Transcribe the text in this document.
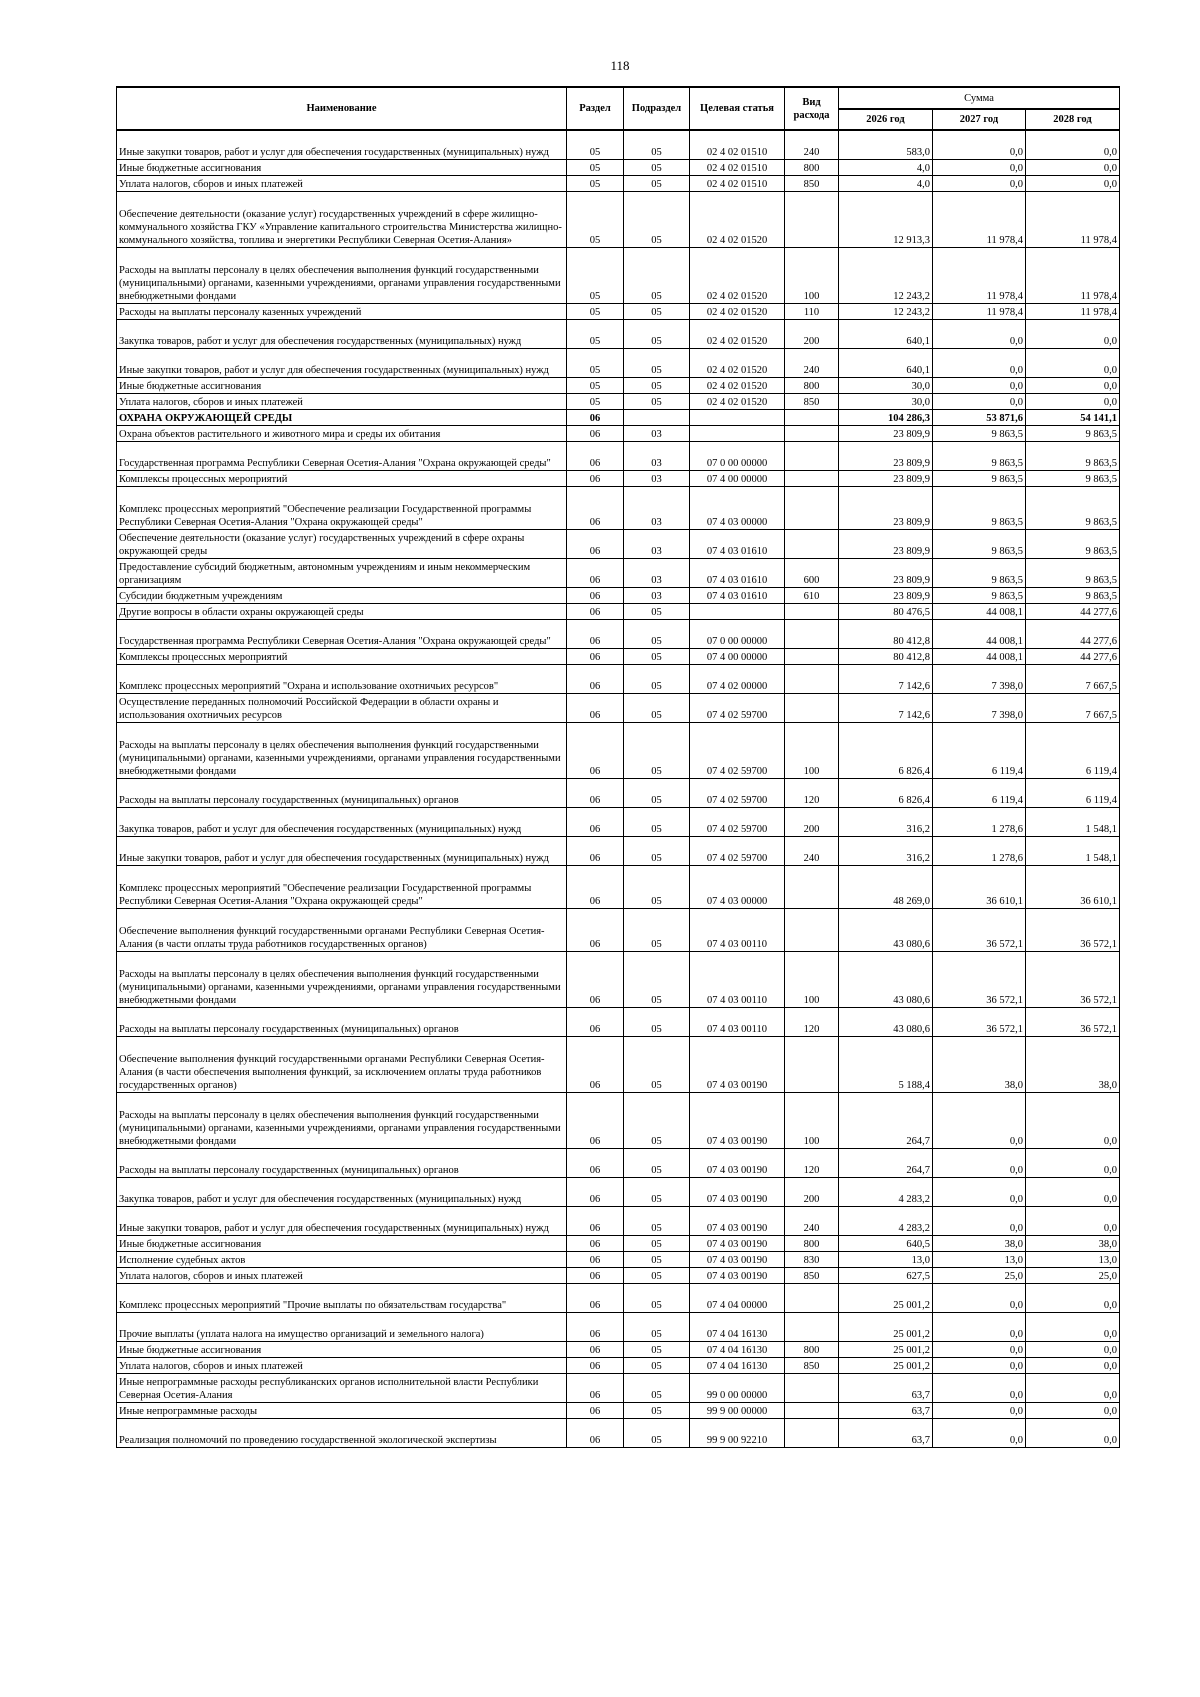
118
Наименование	Раздел	Подраздел	Целевая статья	Вид расхода	Сумма		
					2026 год	2027 год	2028 год
Иные закупки товаров, работ и услуг для обеспечения государственных (муниципальных) нужд	05	05	02 4 02 01510	240	583,0	0,0	0,0
Иные бюджетные ассигнования	05	05	02 4 02 01510	800	4,0	0,0	0,0
Уплата налогов, сборов и иных платежей	05	05	02 4 02 01510	850	4,0	0,0	0,0
Обеспечение деятельности (оказание услуг) государственных учреждений в сфере жилищно-коммунального хозяйства ГКУ «Управление капитального строительства Министерства жилищно-коммунального хозяйства, топлива и энергетики Республики Северная Осетия-Алания»	05	05	02 4 02 01520		12 913,3	11 978,4	11 978,4
Расходы на выплаты персоналу в целях обеспечения выполнения функций государственными (муниципальными) органами, казенными учреждениями, органами управления государственными внебюджетными фондами	05	05	02 4 02 01520	100	12 243,2	11 978,4	11 978,4
Расходы на выплаты персоналу казенных учреждений	05	05	02 4 02 01520	110	12 243,2	11 978,4	11 978,4
Закупка товаров, работ и услуг для обеспечения государственных (муниципальных) нужд	05	05	02 4 02 01520	200	640,1	0,0	0,0
Иные закупки товаров, работ и услуг для обеспечения государственных (муниципальных) нужд	05	05	02 4 02 01520	240	640,1	0,0	0,0
Иные бюджетные ассигнования	05	05	02 4 02 01520	800	30,0	0,0	0,0
Уплата налогов, сборов и иных платежей	05	05	02 4 02 01520	850	30,0	0,0	0,0
ОХРАНА ОКРУЖАЮЩЕЙ СРЕДЫ	06				104 286,3	53 871,6	54 141,1
Охрана объектов растительного и животного мира и среды их обитания	06	03			23 809,9	9 863,5	9 863,5
Государственная программа Республики Северная Осетия-Алания "Охрана окружающей среды"	06	03	07 0 00 00000		23 809,9	9 863,5	9 863,5
Комплексы процессных мероприятий	06	03	07 4 00 00000		23 809,9	9 863,5	9 863,5
Комплекс процессных мероприятий "Обеспечение реализации Государственной программы Республики Северная Осетия-Алания "Охрана окружающей среды"	06	03	07 4 03 00000		23 809,9	9 863,5	9 863,5
Обеспечение деятельности (оказание услуг) государственных учреждений в сфере охраны окружающей среды	06	03	07 4 03 01610		23 809,9	9 863,5	9 863,5
Предоставление субсидий бюджетным, автономным учреждениям и иным некоммерческим организациям	06	03	07 4 03 01610	600	23 809,9	9 863,5	9 863,5
Субсидии бюджетным учреждениям	06	03	07 4 03 01610	610	23 809,9	9 863,5	9 863,5
Другие вопросы в области охраны окружающей среды	06	05			80 476,5	44 008,1	44 277,6
Государственная программа Республики Северная Осетия-Алания "Охрана окружающей среды"	06	05	07 0 00 00000		80 412,8	44 008,1	44 277,6
Комплексы процессных мероприятий	06	05	07 4 00 00000		80 412,8	44 008,1	44 277,6
Комплекс процессных мероприятий "Охрана и использование охотничьих ресурсов"	06	05	07 4 02 00000		7 142,6	7 398,0	7 667,5
Осуществление переданных полномочий Российской Федерации в области охраны и использования охотничьих ресурсов	06	05	07 4 02 59700		7 142,6	7 398,0	7 667,5
Расходы на выплаты персоналу в целях обеспечения выполнения функций государственными (муниципальными) органами, казенными учреждениями, органами управления государственными внебюджетными фондами	06	05	07 4 02 59700	100	6 826,4	6 119,4	6 119,4
Расходы на выплаты персоналу государственных (муниципальных) органов	06	05	07 4 02 59700	120	6 826,4	6 119,4	6 119,4
Закупка товаров, работ и услуг для обеспечения государственных (муниципальных) нужд	06	05	07 4 02 59700	200	316,2	1 278,6	1 548,1
Иные закупки товаров, работ и услуг для обеспечения государственных (муниципальных) нужд	06	05	07 4 02 59700	240	316,2	1 278,6	1 548,1
Комплекс процессных мероприятий "Обеспечение реализации Государственной программы Республики Северная Осетия-Алания "Охрана окружающей среды"	06	05	07 4 03 00000		48 269,0	36 610,1	36 610,1
Обеспечение выполнения функций государственными органами Республики Северная Осетия-Алания (в части оплаты труда работников государственных органов)	06	05	07 4 03 00110		43 080,6	36 572,1	36 572,1
Расходы на выплаты персоналу в целях обеспечения выполнения функций государственными (муниципальными) органами, казенными учреждениями, органами управления государственными внебюджетными фондами	06	05	07 4 03 00110	100	43 080,6	36 572,1	36 572,1
Расходы на выплаты персоналу государственных (муниципальных) органов	06	05	07 4 03 00110	120	43 080,6	36 572,1	36 572,1
Обеспечение выполнения функций государственными органами Республики Северная Осетия-Алания (в части обеспечения выполнения функций, за исключением оплаты труда работников государственных органов)	06	05	07 4 03 00190		5 188,4	38,0	38,0
Расходы на выплаты персоналу в целях обеспечения выполнения функций государственными (муниципальными) органами, казенными учреждениями, органами управления государственными внебюджетными фондами	06	05	07 4 03 00190	100	264,7	0,0	0,0
Расходы на выплаты персоналу государственных (муниципальных) органов	06	05	07 4 03 00190	120	264,7	0,0	0,0
Закупка товаров, работ и услуг для обеспечения государственных (муниципальных) нужд	06	05	07 4 03 00190	200	4 283,2	0,0	0,0
Иные закупки товаров, работ и услуг для обеспечения государственных (муниципальных) нужд	06	05	07 4 03 00190	240	4 283,2	0,0	0,0
Иные бюджетные ассигнования	06	05	07 4 03 00190	800	640,5	38,0	38,0
Исполнение судебных актов	06	05	07 4 03 00190	830	13,0	13,0	13,0
Уплата налогов, сборов и иных платежей	06	05	07 4 03 00190	850	627,5	25,0	25,0
Комплекс процессных мероприятий "Прочие выплаты по обязательствам государства"	06	05	07 4 04 00000		25 001,2	0,0	0,0
Прочие выплаты (уплата налога на имущество организаций и земельного налога)	06	05	07 4 04 16130		25 001,2	0,0	0,0
Иные бюджетные ассигнования	06	05	07 4 04 16130	800	25 001,2	0,0	0,0
Уплата налогов, сборов и иных платежей	06	05	07 4 04 16130	850	25 001,2	0,0	0,0
Иные непрограммные расходы республиканских органов исполнительной власти Республики Северная Осетия-Алания	06	05	99 0 00 00000		63,7	0,0	0,0
Иные непрограммные расходы	06	05	99 9 00 00000		63,7	0,0	0,0
Реализация полномочий по проведению государственной экологической экспертизы	06	05	99 9 00 92210		63,7	0,0	0,0
